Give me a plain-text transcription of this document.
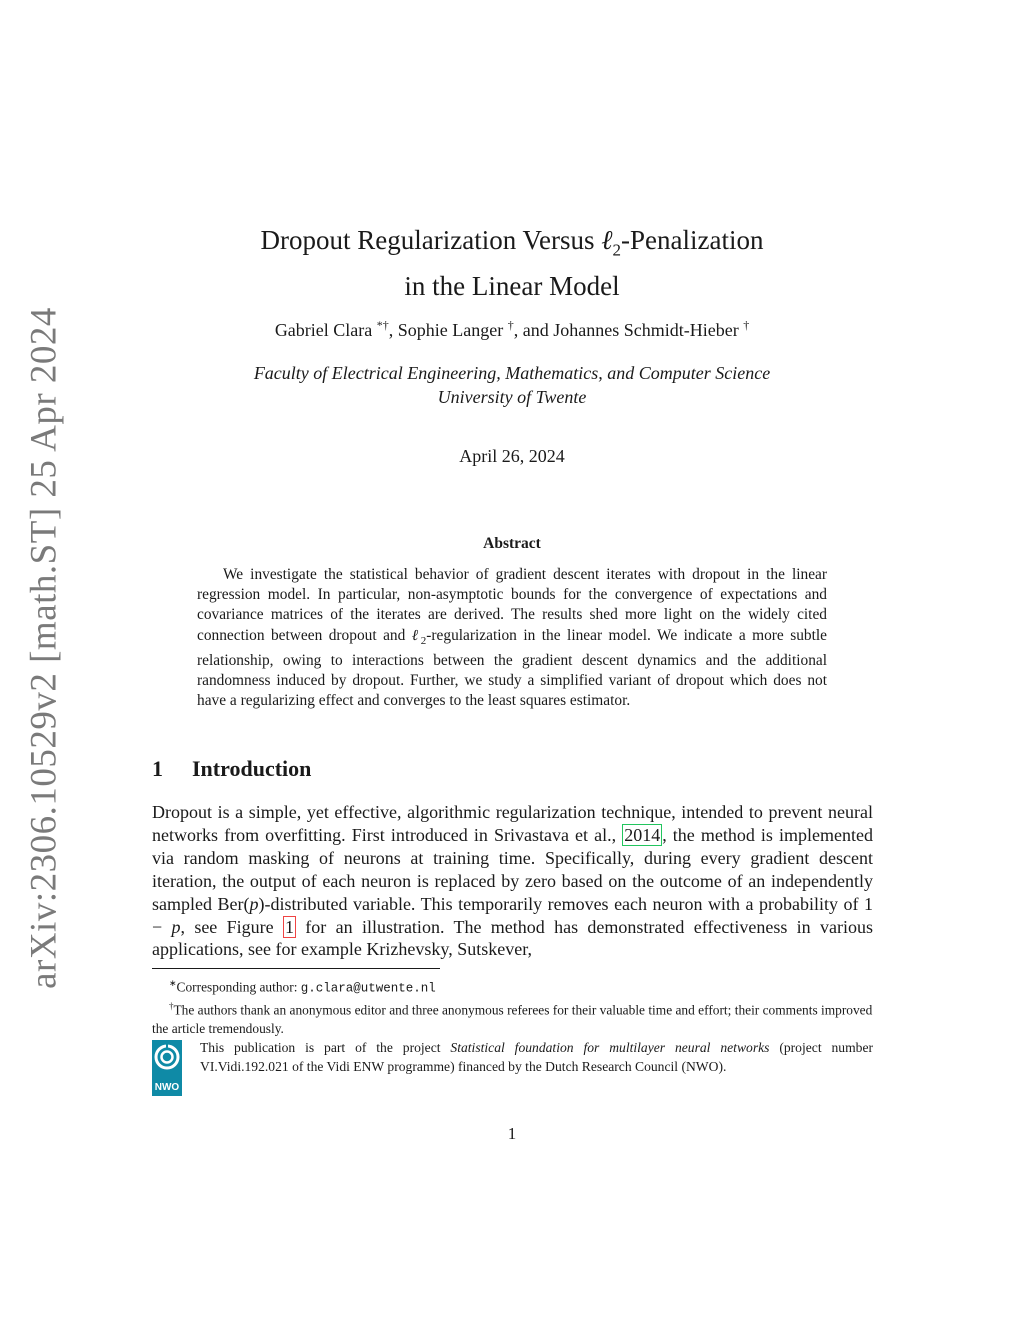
arXiv:2306.10529v2 [math.ST] 25 Apr 2024
Dropout Regularization Versus ℓ$_2$-Penalization
in the Linear Model
Gabriel Clara *†, Sophie Langer †, and Johannes Schmidt-Hieber †
Faculty of Electrical Engineering, Mathematics, and Computer Science
University of Twente
April 26, 2024
Abstract
We investigate the statistical behavior of gradient descent iterates with dropout in the linear regression model. In particular, non-asymptotic bounds for the convergence of expectations and covariance matrices of the iterates are derived. The results shed more light on the widely cited connection between dropout and ℓ$_2$-regularization in the linear model. We indicate a more subtle relationship, owing to interactions between the gradient descent dynamics and the additional randomness induced by dropout. Further, we study a simplified variant of dropout which does not have a regularizing effect and converges to the least squares estimator.
1 Introduction
Dropout is a simple, yet effective, algorithmic regularization technique, intended to prevent neural networks from overfitting. First introduced in Srivastava et al., 2014 , the method is implemented via random masking of neurons at training time. Specifically, during every gradient descent iteration, the output of each neuron is replaced by zero based on the outcome of an independently sampled Ber(p)-distributed variable. This temporarily removes each neuron with a probability of 1 − p, see Figure 1 for an illustration. The method has demonstrated effectiveness in various applications, see for example Krizhevsky, Sutskever,

∗Corresponding author: g.clara@utwente.nl

†The authors thank an anonymous editor and three anonymous referees for their valuable time and effort; their comments improved the article tremendously.

NWO
This publication is part of the project Statistical foundation for multilayer neural networks (project number VI.Vidi.192.021 of the Vidi ENW programme) financed by the Dutch Research Council (NWO).
1
